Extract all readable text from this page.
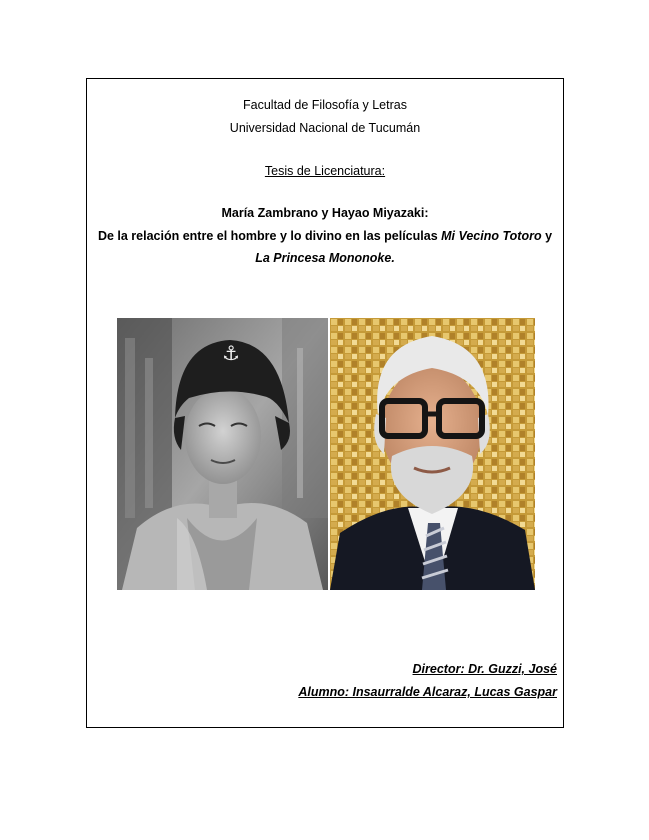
Facultad de Filosofía y Letras
Universidad Nacional de Tucumán
Tesis de Licenciatura:
María Zambrano y Hayao Miyazaki:
De la relación entre el hombre y lo divino en las películas Mi Vecino Totoro y
La Princesa Mononoke.
⚓
Director: Dr. Guzzi, José
Alumno: Insaurralde Alcaraz, Lucas Gaspar
